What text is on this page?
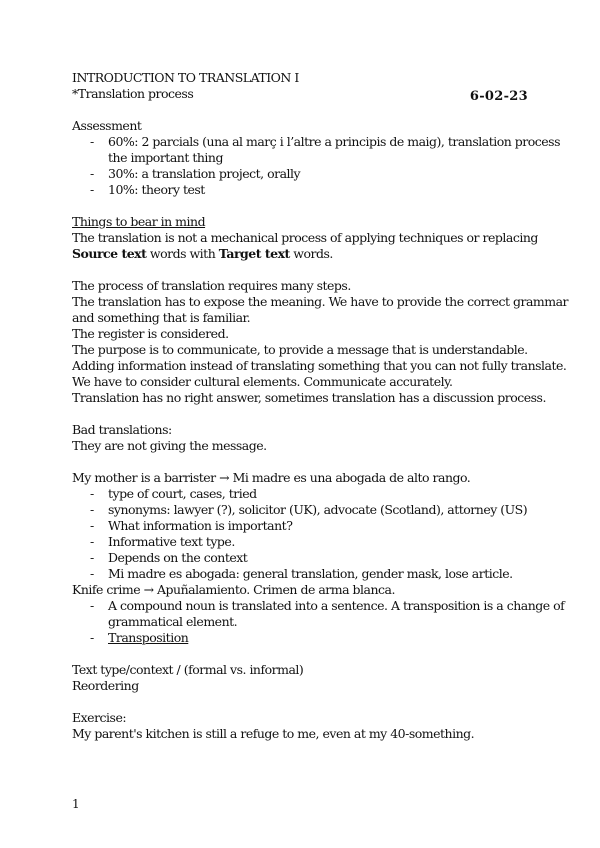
6-02-23
INTRODUCTION TO TRANSLATION I
*Translation process
Assessment
- 60%: 2 parcials (una al març i l’altre a principis de maig), translation process
the important thing
- 30%: a translation project, orally
- 10%: theory test
Things to bear in mind
The translation is not a mechanical process of applying techniques or replacing
Source text words with Target text words.
The process of translation requires many steps.
The translation has to expose the meaning. We have to provide the correct grammar
and something that is familiar.
The register is considered.
The purpose is to communicate, to provide a message that is understandable.
Adding information instead of translating something that you can not fully translate.
We have to consider cultural elements. Communicate accurately.
Translation has no right answer, sometimes translation has a discussion process.
Bad translations:
They are not giving the message.
My mother is a barrister → Mi madre es una abogada de alto rango.
- type of court, cases, tried
- synonyms: lawyer (?), solicitor (UK), advocate (Scotland), attorney (US)
- What information is important?
- Informative text type.
- Depends on the context
- Mi madre es abogada: general translation, gender mask, lose article.
Knife crime → Apuñalamiento. Crimen de arma blanca.
- A compound noun is translated into a sentence. A transposition is a change of
grammatical element.
- Transposition
Text type/context / (formal vs. informal)
Reordering
Exercise:
My parent's kitchen is still a refuge to me, even at my 40-something.
1
